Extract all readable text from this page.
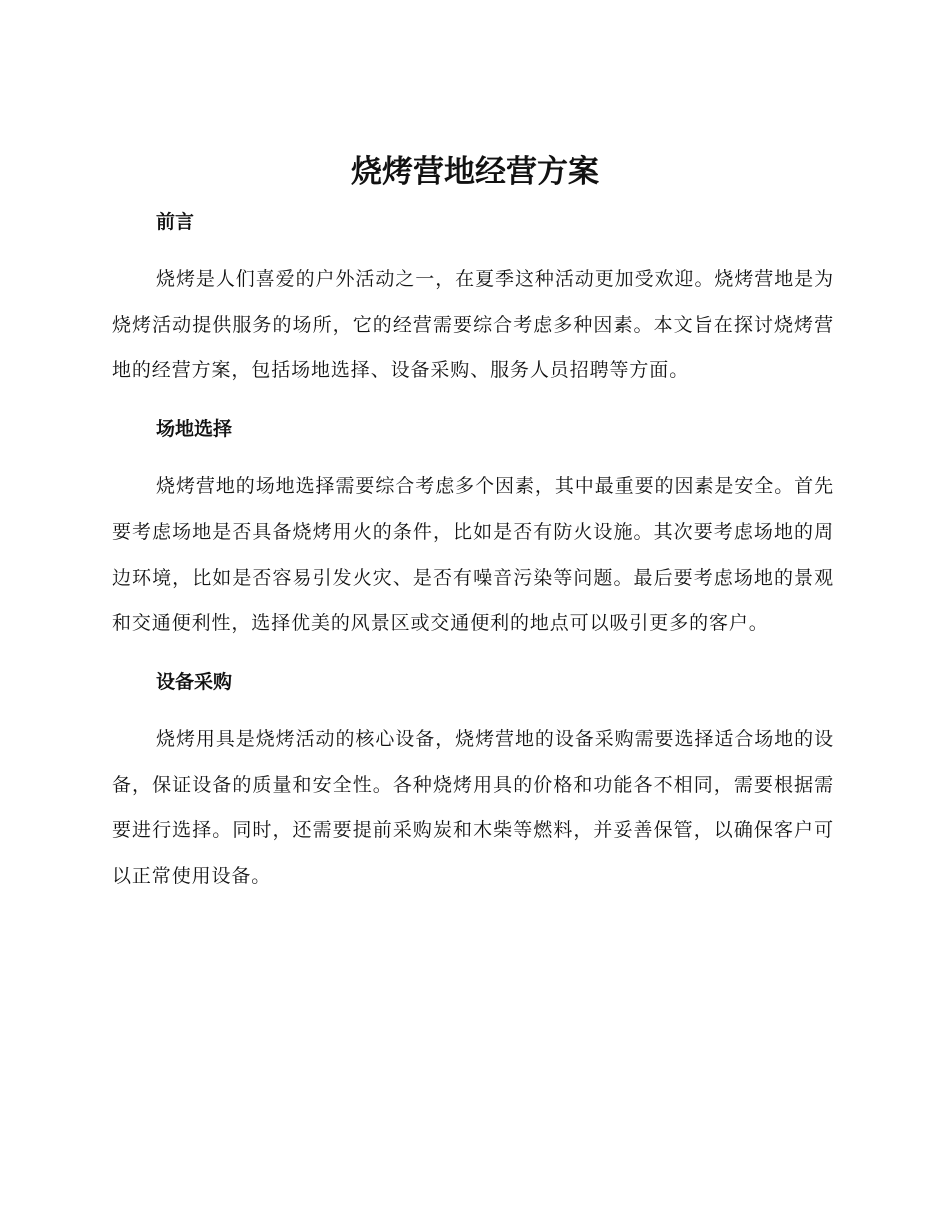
烧烤营地经营方案
前言

烧烤是人们喜爱的户外活动之一，在夏季这种活动更加受欢迎。烧烤营地是为烧烤活动提供服务的场所，它的经营需要综合考虑多种因素。本文旨在探讨烧烤营地的经营方案，包括场地选择、设备采购、服务人员招聘等方面。

场地选择

烧烤营地的场地选择需要综合考虑多个因素，其中最重要的因素是安全。首先要考虑场地是否具备烧烤用火的条件，比如是否有防火设施。其次要考虑场地的周边环境，比如是否容易引发火灾、是否有噪音污染等问题。最后要考虑场地的景观和交通便利性，选择优美的风景区或交通便利的地点可以吸引更多的客户。

设备采购

烧烤用具是烧烤活动的核心设备，烧烤营地的设备采购需要选择适合场地的设备，保证设备的质量和安全性。各种烧烤用具的价格和功能各不相同，需要根据需要进行选择。同时，还需要提前采购炭和木柴等燃料，并妥善保管，以确保客户可以正常使用设备。
